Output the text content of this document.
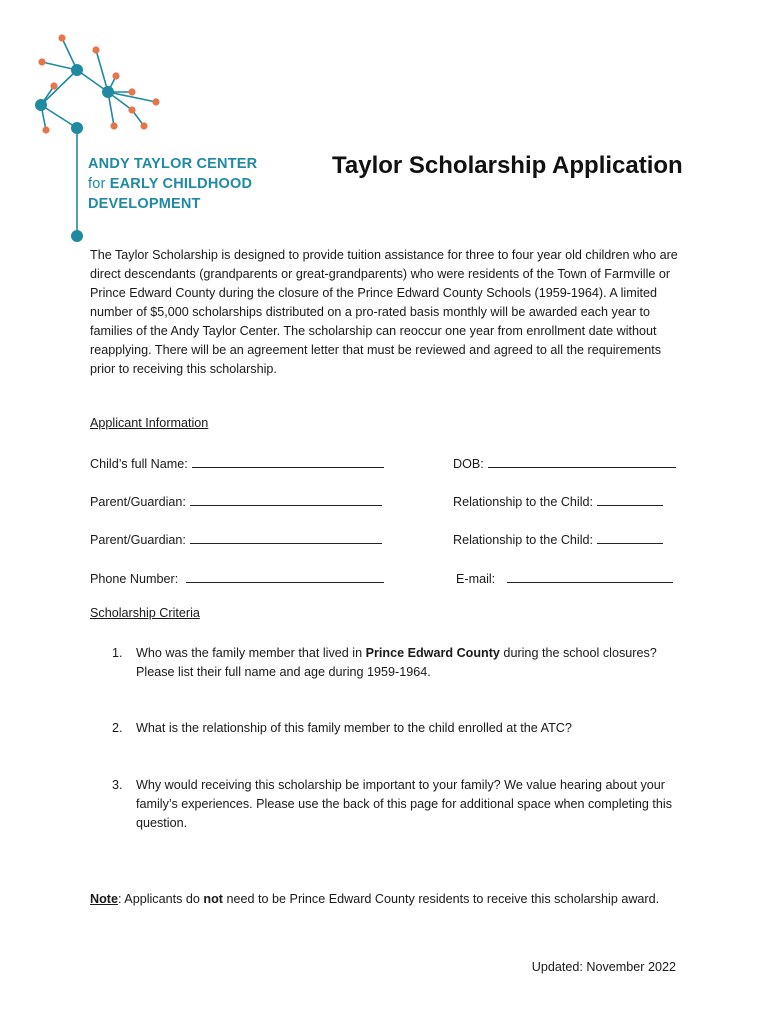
ANDY TAYLOR CENTER
for EARLY CHILDHOOD
DEVELOPMENT
Taylor Scholarship Application

The Taylor Scholarship is designed to provide tuition assistance for three to four year old children who are direct descendants (grandparents or great-grandparents) who were residents of the Town of Farmville or Prince Edward County during the closure of the Prince Edward County Schools (1959-1964). A limited number of $5,000 scholarships distributed on a pro-rated basis monthly will be awarded each year to families of the Andy Taylor Center. The scholarship can reoccur one year from enrollment date without reapplying. There will be an agreement letter that must be reviewed and agreed to all the requirements prior to receiving this scholarship.

Applicant Information

Child’s full Name:	DOB:
Parent/Guardian:	Relationship to the Child:
Parent/Guardian:	Relationship to the Child:
Phone Number:	E-mail:

Scholarship Criteria

1. Who was the family member that lived in Prince Edward County during the school closures? Please list their full name and age during 1959-1964.
2. What is the relationship of this family member to the child enrolled at the ATC?
3. Why would receiving this scholarship be important to your family? We value hearing about your family’s experiences. Please use the back of this page for additional space when completing this question.
Note: Applicants do not need to be Prince Edward County residents to receive this scholarship award.
Updated: November 2022
